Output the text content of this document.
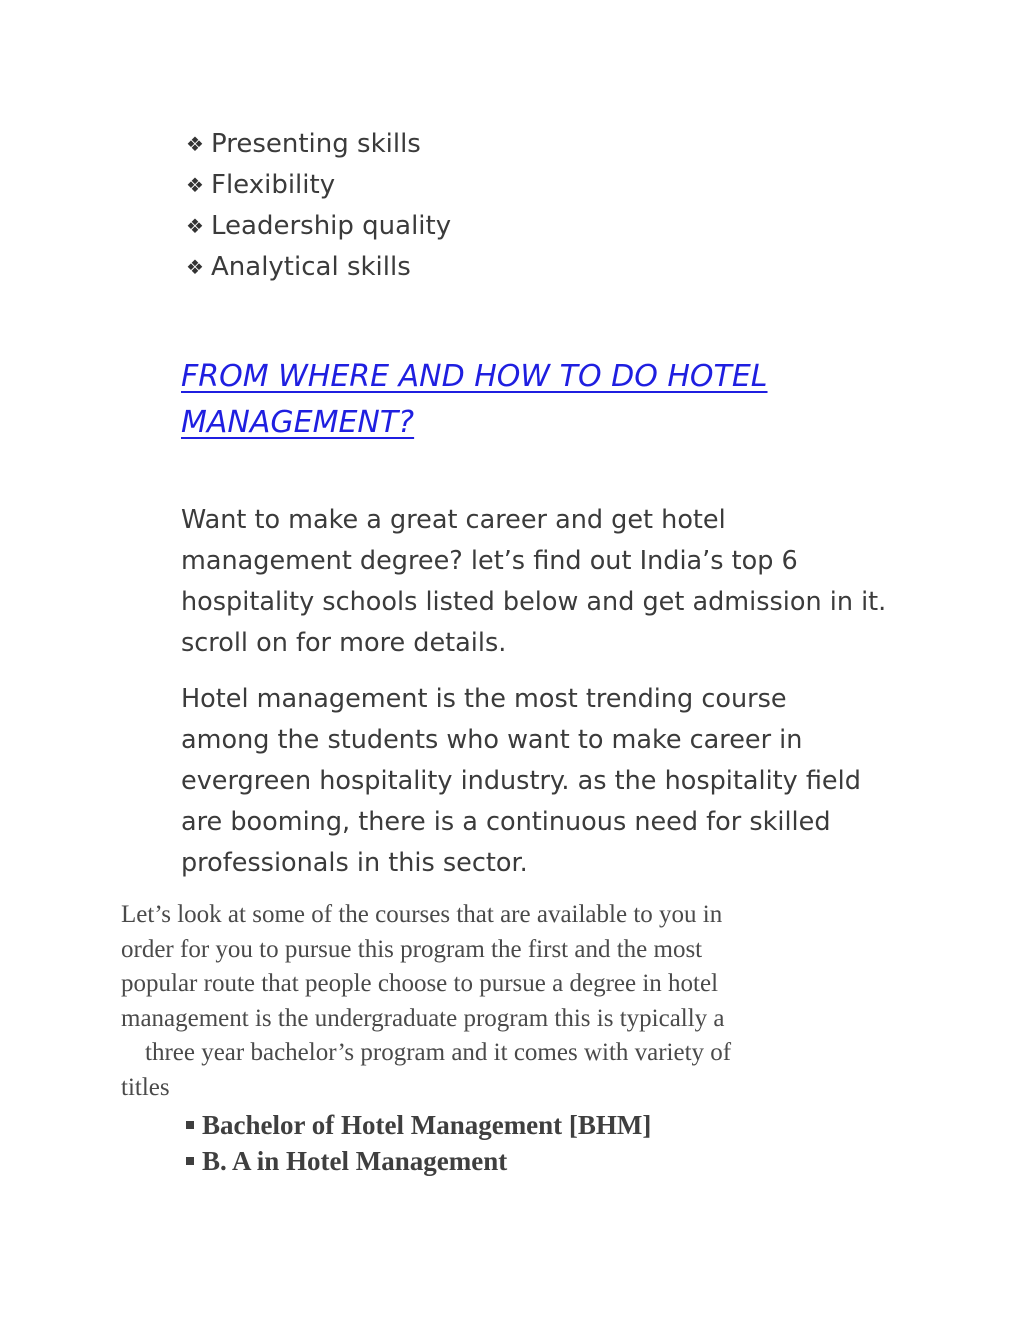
❖ Presenting skills
❖ Flexibility
❖ Leadership quality
❖ Analytical skills
FROM WHERE AND HOW TO DO HOTEL
MANAGEMENT?

Want to make a great career and get hotel management degree? let’s find out India’s top 6 hospitality schools listed below and get admission in it. scroll on for more details.

Hotel management is the most trending course among the students who want to make career in evergreen hospitality industry. as the hospitality field are booming, there is a continuous need for skilled professionals in this sector.

Let’s look at some of the courses that are available to you in
order for you to pursue this program the first and the most
popular route that people choose to pursue a degree in hotel
management is the undergraduate program this is typically a
three year bachelor’s program and it comes with variety of
titles

Bachelor of Hotel Management [BHM]
B. A in Hotel Management
